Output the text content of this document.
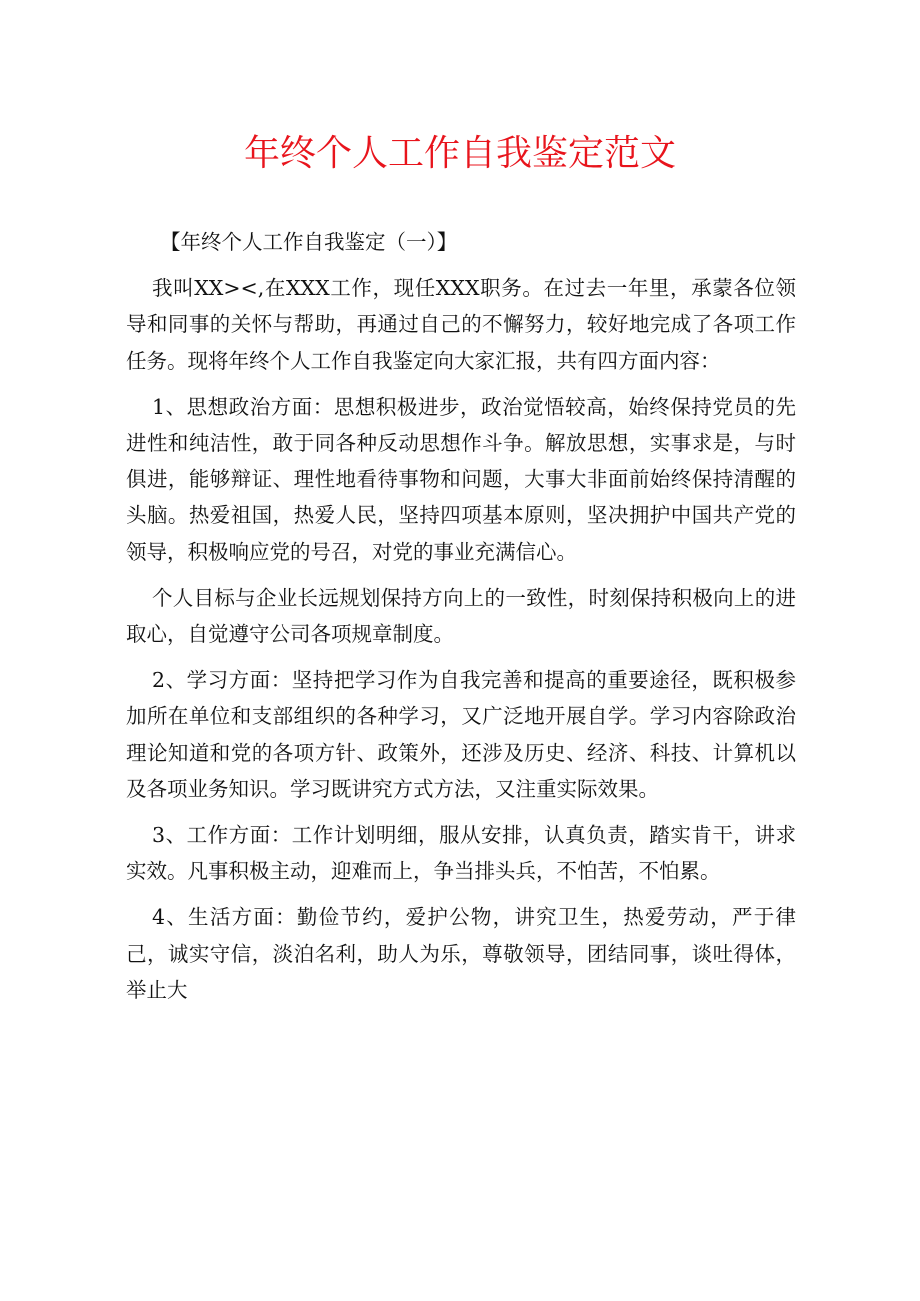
年终个人工作自我鉴定范文

【年终个人工作自我鉴定（一）】

我叫XX><,在XXX工作，现任XXX职务。在过去一年里，承蒙各位领导和同事的关怀与帮助，再通过自己的不懈努力，较好地完成了各项工作任务。现将年终个人工作自我鉴定向大家汇报，共有四方面内容：

1、思想政治方面：思想积极进步，政治觉悟较高，始终保持党员的先进性和纯洁性，敢于同各种反动思想作斗争。解放思想，实事求是，与时俱进，能够辩证、理性地看待事物和问题，大事大非面前始终保持清醒的头脑。热爱祖国，热爱人民，坚持四项基本原则，坚决拥护中国共产党的领导，积极响应党的号召，对党的事业充满信心。

个人目标与企业长远规划保持方向上的一致性，时刻保持积极向上的进取心，自觉遵守公司各项规章制度。

2、学习方面：坚持把学习作为自我完善和提高的重要途径，既积极参加所在单位和支部组织的各种学习，又广泛地开展自学。学习内容除政治理论知道和党的各项方针、政策外，还涉及历史、经济、科技、计算机以及各项业务知识。学习既讲究方式方法，又注重实际效果。

3、工作方面：工作计划明细，服从安排，认真负责，踏实肯干，讲求实效。凡事积极主动，迎难而上，争当排头兵，不怕苦，不怕累。

4、生活方面：勤俭节约，爱护公物，讲究卫生，热爱劳动，严于律己，诚实守信，淡泊名利，助人为乐，尊敬领导，团结同事，谈吐得体，举止大
